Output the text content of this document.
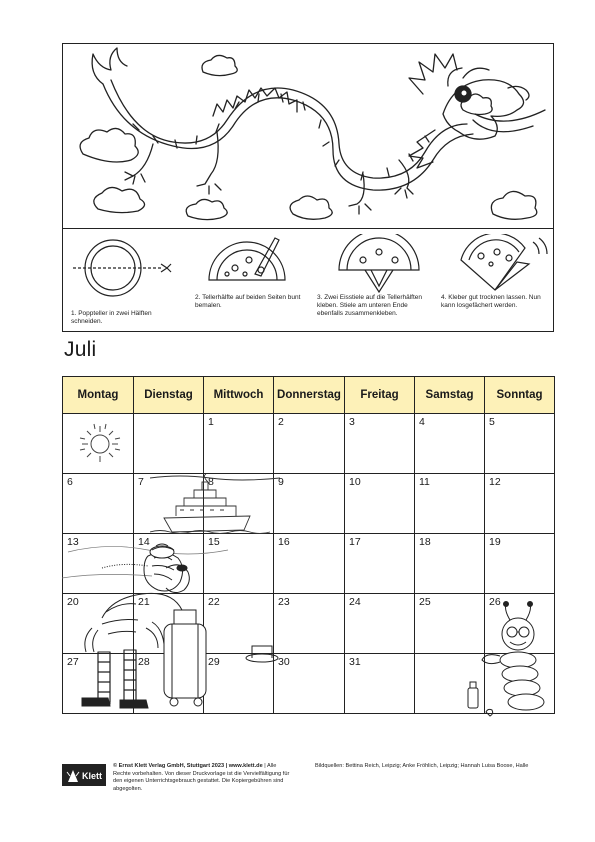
1. Poppteller in zwei Hälften schneiden.
2. Tellerhälfte auf beiden Seiten bunt bemalen.
3. Zwei Eisstiele auf die Tellerhälften kleben. Stiele am unteren Ende ebenfalls zusammenkleben.
4. Kleber gut trocknen lassen. Nun kann losgefächert werden.
Juli
Montag	Dienstag	Mittwoch	Donnerstag	Freitag	Samstag	Sonntag
		1	2	3	4	5
6	7	8	9	10	11	12
13	14	15	16	17	18	19
20	21	22	23	24	25	26
27	28	29	30	31		
Klett
© Ernst Klett Verlag GmbH, Stuttgart 2023 | www.klett.de | Alle Rechte vorbehalten. Von dieser Druckvorlage ist die Vervielfältigung für den eigenen Unterrichtsgebrauch gestattet. Die Kopiergebühren sind abgegolten.
Bildquellen: Bettina Reich, Leipzig; Anke Fröhlich, Leipzig; Hannah Luisa Boose, Halle
